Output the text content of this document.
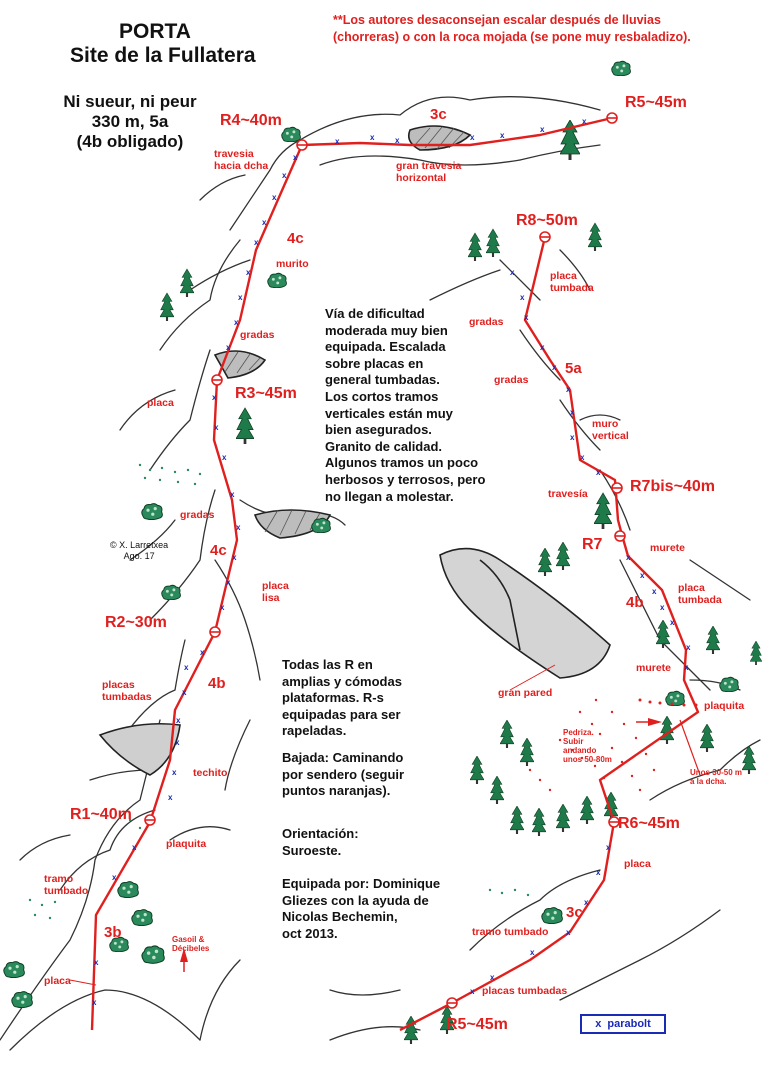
x
x
x
x
x
x
x
x
x
x
x
x
x
x
x
x
x
x
x
x
x
x
x
x
x
x
x
x
x	x	x	x	x
x
x
x
x
x
x
x
x
x
x
x
x
x
x
x
x
x
x
x
x
x
x
x
x
x
x
PORTA
Site de la Fullatera
Ni sueur, ni peur
330 m, 5a
(4b obligado)
**Los autores desaconsejan escalar después de lluvias
(chorreras) o con la roca mojada (se pone muy resbaladizo).
Vía de dificultad
moderada muy bien
equipada. Escalada
sobre placas en
general tumbadas.
Los cortos tramos
verticales están muy
bien asegurados.
Granito de calidad.
Algunos tramos un poco
herbosos y terrosos, pero
no llegan a molestar.
Todas las R en
amplias y cómodas
plataformas. R-s
equipadas para ser
rapeladas.
Bajada: Caminando
por sendero (seguir
puntos naranjas).
Orientación:
Suroeste.
Equipada por: Dominique
Gliezes con la ayuda de
Nicolas Bechemin,
oct 2013.
© X. Larretxea
Ago. 17
R1~40m
R2~30m
R3~45m
R4~40m
R5~45m
R8~50m
R7bis~40m
R7
R6~45m
R5~45m
3b
4b
4c
4c
3c
5a
4b
3c
placa
tramo
tumbado
plaquita
techito
placas
tumbadas
placa
lisa
gradas
placa
gradas
murito
travesia
hacia dcha	gran travesia
horizontal
placa
tumbada
gradas
gradas
muro
vertical
travesía
murete
placa
tumbada
murete
plaquita
gran pared
placa
tramo tumbado
placas tumbadas
Gasoil &
Décibeles
Pedriza.
Subir
andando
unos 50-80m
Unos 30-50 m
a la dcha.
x parabolt
